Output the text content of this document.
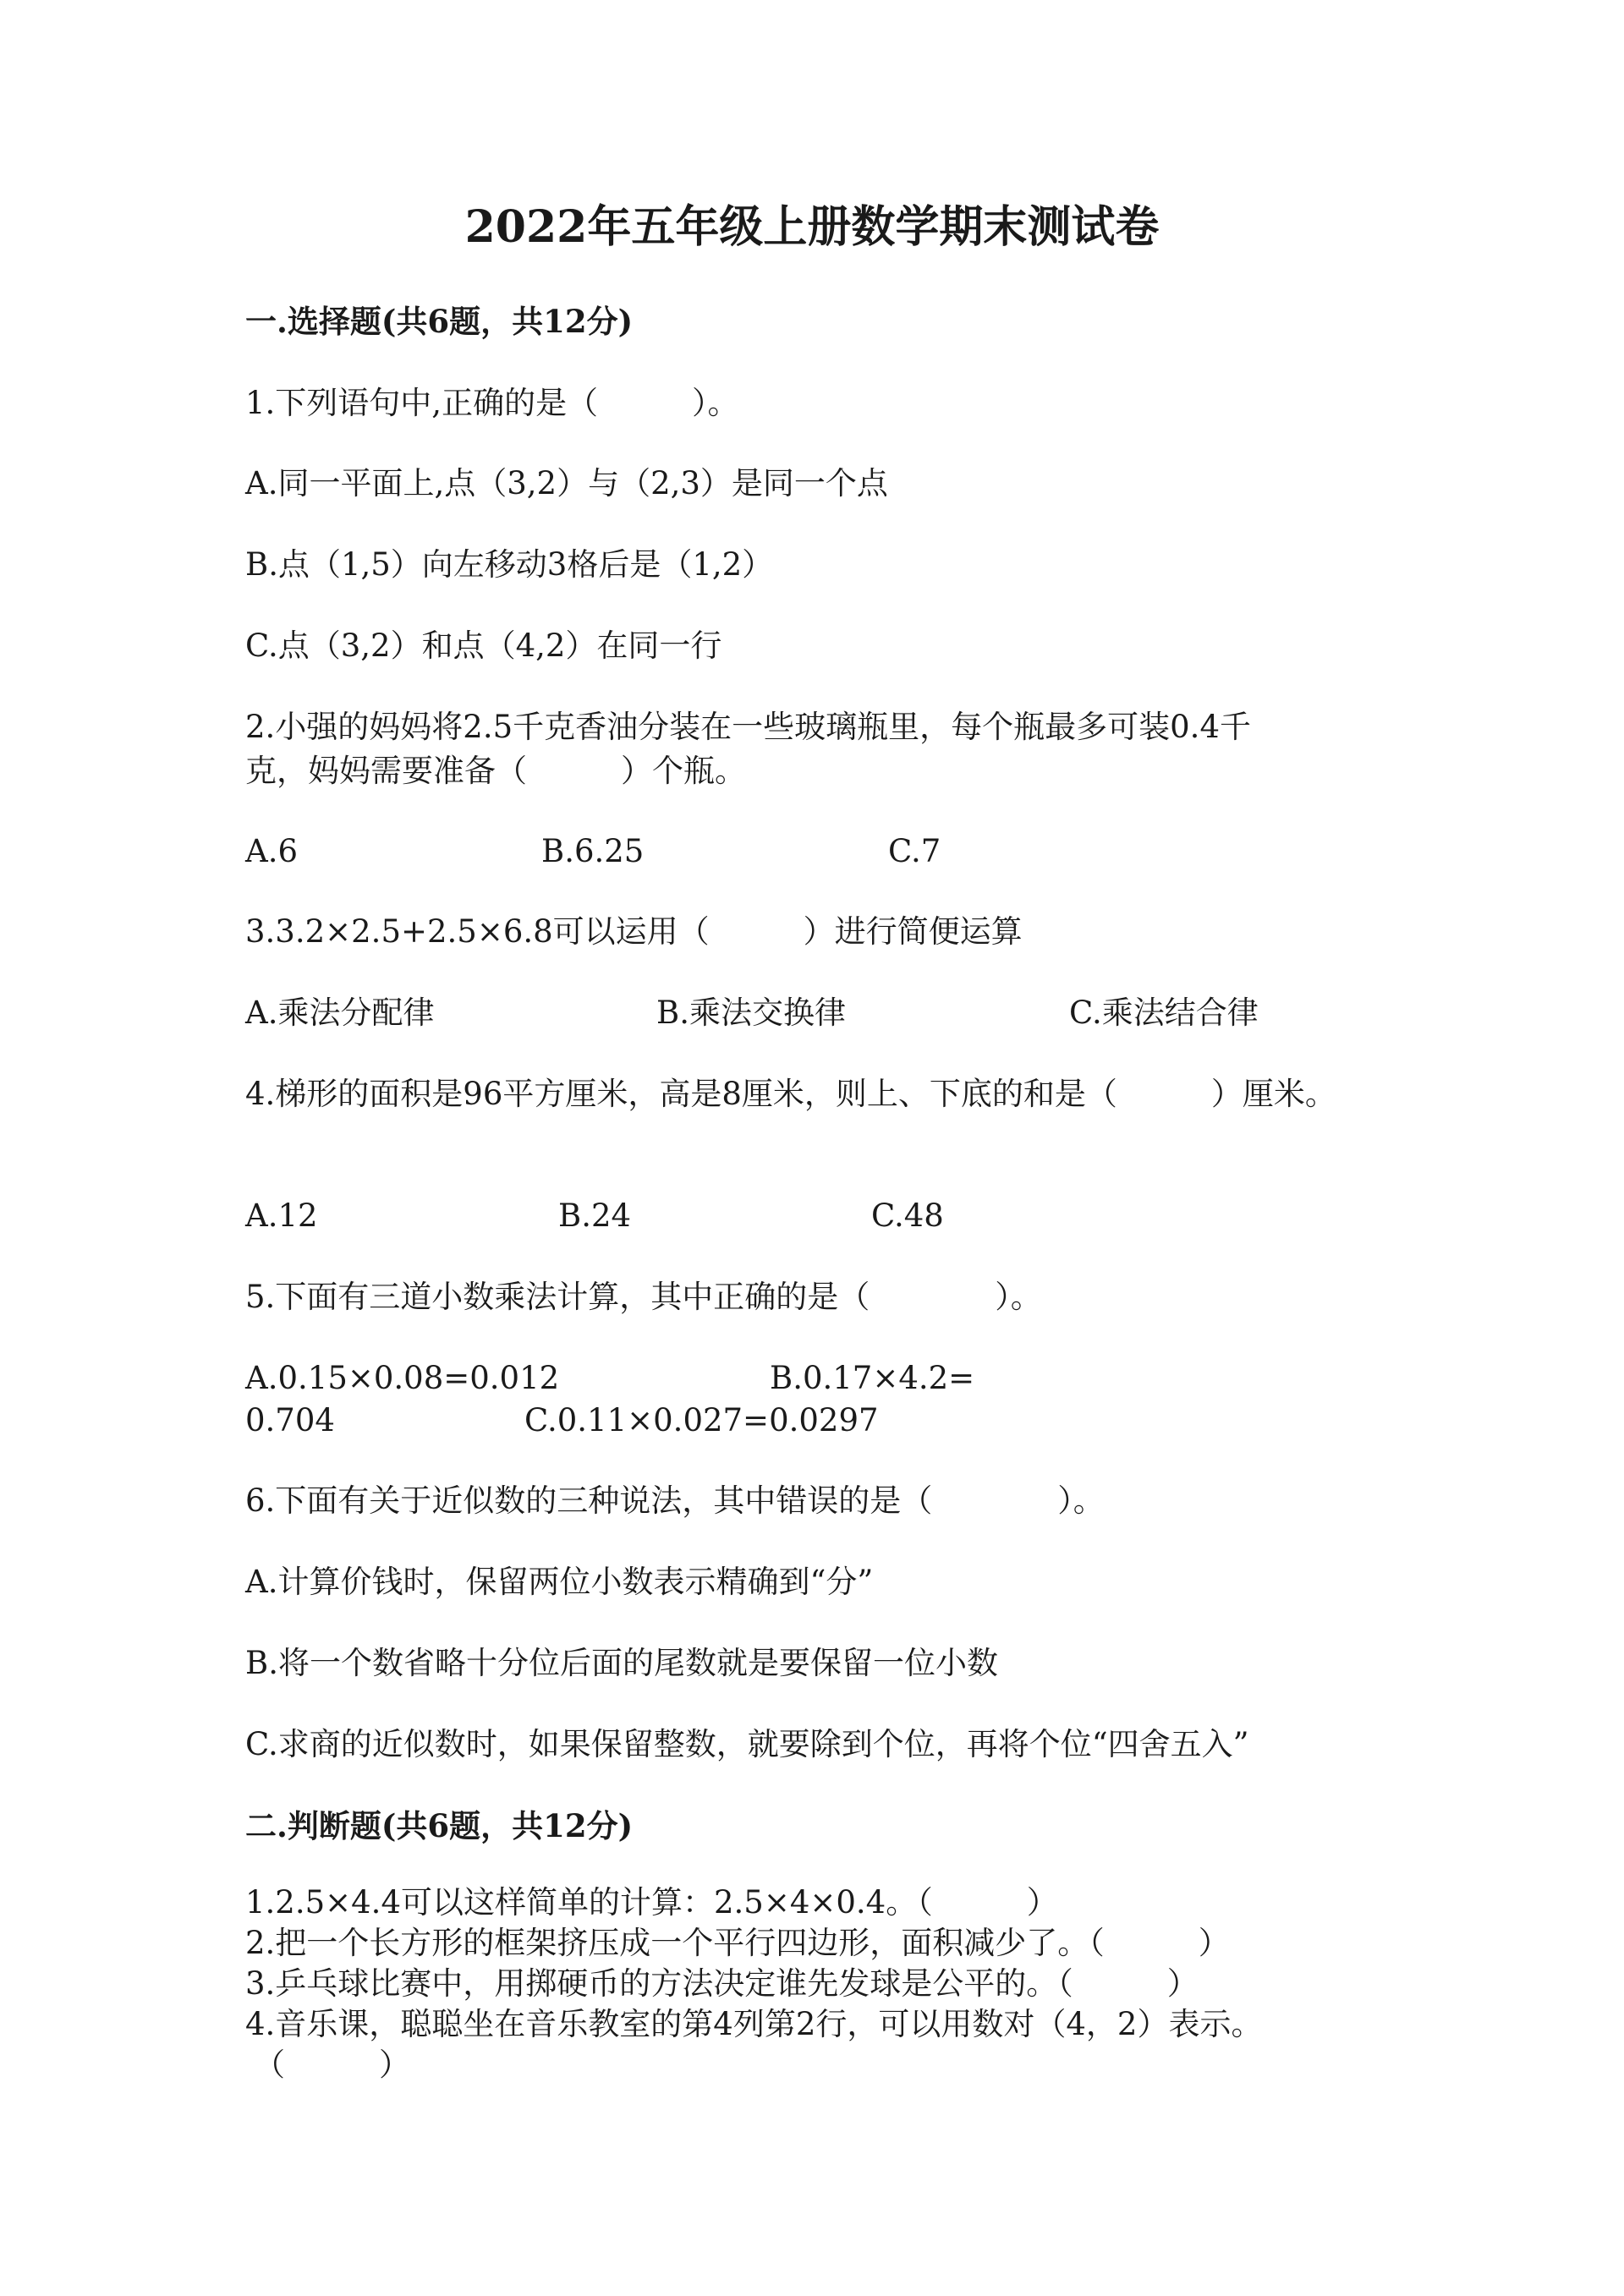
2022年五年级上册数学期末测试卷
一.选择题(共6题，共12分)
1.下列语句中,正确的是（　　　）。
A.同一平面上,点（3,2）与（2,3）是同一个点
B.点（1,5）向左移动3格后是（1,2）
C.点（3,2）和点（4,2）在同一行
2.小强的妈妈将2.5千克香油分装在一些玻璃瓶里，每个瓶最多可装0.4千
克，妈妈需要准备（　　　）个瓶。
A.6	B.6.25	C.7
3.3.2×2.5+2.5×6.8可以运用（　　　）进行简便运算
A.乘法分配律	B.乘法交换律	C.乘法结合律
4.梯形的面积是96平方厘米，高是8厘米，则上、下底的和是（　　　）厘米。
A.12	B.24	C.48
5.下面有三道小数乘法计算，其中正确的是（　　　　）。
A.0.15×0.08=0.012	B.0.17×4.2=
0.704	C.0.11×0.027=0.0297
6.下面有关于近似数的三种说法，其中错误的是（　　　　）。
A.计算价钱时，保留两位小数表示精确到“分”
B.将一个数省略十分位后面的尾数就是要保留一位小数
C.求商的近似数时，如果保留整数，就要除到个位，再将个位“四舍五入”
二.判断题(共6题，共12分)
1.2.5×4.4可以这样简单的计算：2.5×4×0.4。（　　　）
2.把一个长方形的框架挤压成一个平行四边形，面积减少了。（　　　）
3.乒乓球比赛中，用掷硬币的方法决定谁先发球是公平的。（　　　）
4.音乐课，聪聪坐在音乐教室的第4列第2行，可以用数对（4，2）表示。
（　　　）
